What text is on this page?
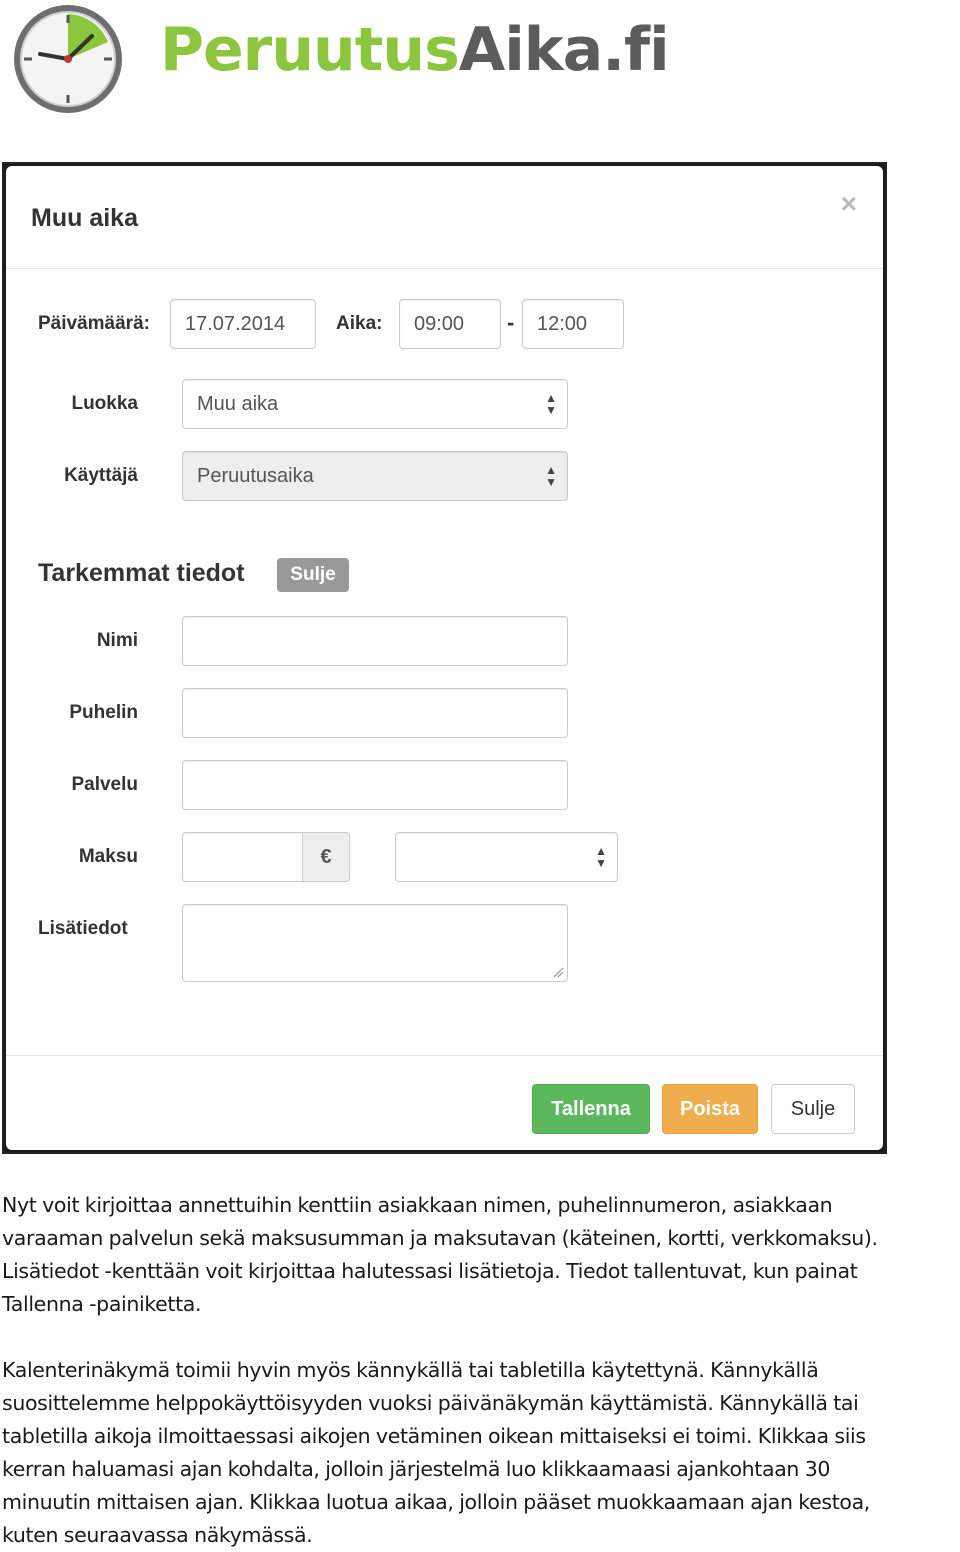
PeruutusAika.fi
Muu aika	×
Päivämäärä:	17.07.2014	Aika:	09:00	-	12:00
Luokka	Muu aika	▲
▼
Käyttäjä	Peruutusaika	▲
▼
Tarkemmat tiedot	Sulje
Nimi
Puhelin
Palvelu
Maksu	€	▲
▼
Lisätiedot
Tallenna	Poista	Sulje
Nyt voit kirjoittaa annettuihin kenttiin asiakkaan nimen, puhelinnumeron, asiakkaan
varaaman palvelun sekä maksusumman ja maksutavan (käteinen, kortti, verkkomaksu).
Lisätiedot -kenttään voit kirjoittaa halutessasi lisätietoja. Tiedot tallentuvat, kun painat
Tallenna -painiketta.
Kalenterinäkymä toimii hyvin myös kännykällä tai tabletilla käytettynä. Kännykällä
suosittelemme helppokäyttöisyyden vuoksi päivänäkymän käyttämistä. Kännykällä tai
tabletilla aikoja ilmoittaessasi aikojen vetäminen oikean mittaiseksi ei toimi. Klikkaa siis
kerran haluamasi ajan kohdalta, jolloin järjestelmä luo klikkaamaasi ajankohtaan 30
minuutin mittaisen ajan. Klikkaa luotua aikaa, jolloin pääset muokkaamaan ajan kestoa,
kuten seuraavassa näkymässä.
